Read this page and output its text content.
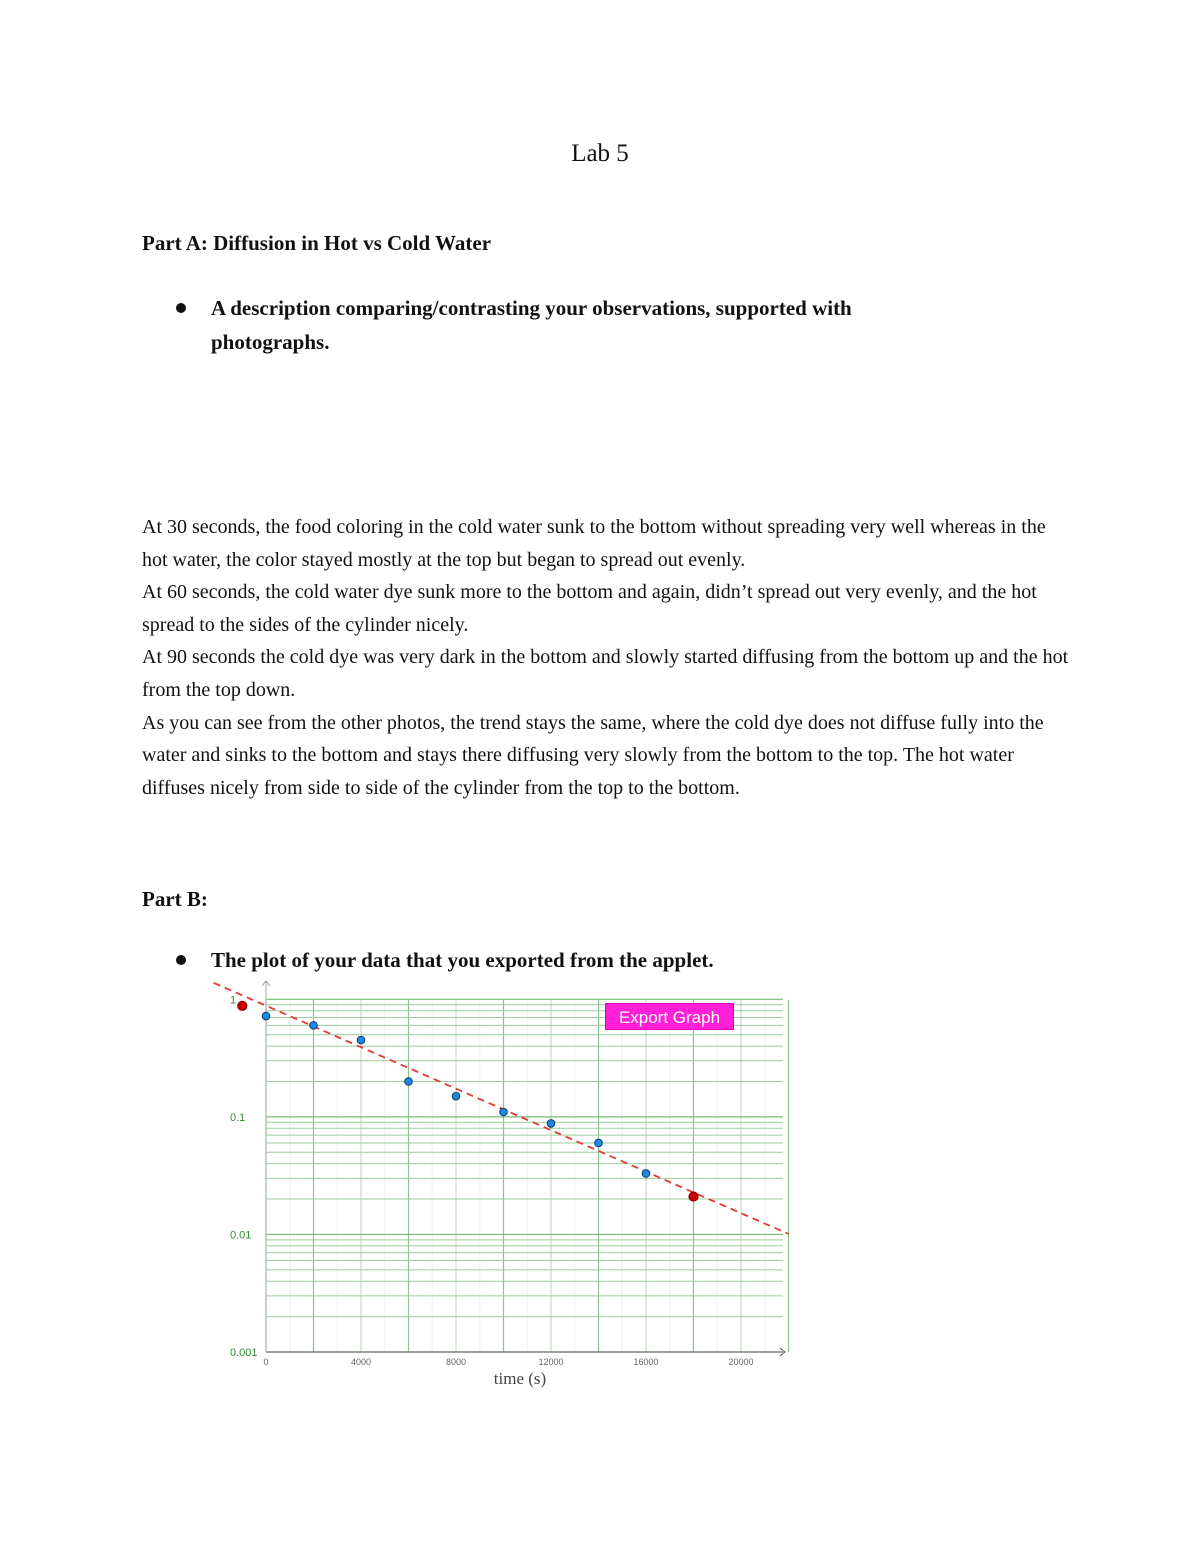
Lab 5
Part A: Diffusion in Hot vs Cold Water
A description comparing/contrasting your observations, supported with photographs.

At 30 seconds, the food coloring in the cold water sunk to the bottom without spreading very well whereas in the hot water, the color stayed mostly at the top but began to spread out evenly.

At 60 seconds, the cold water dye sunk more to the bottom and again, didn’t spread out very evenly, and the hot spread to the sides of the cylinder nicely.

At 90 seconds the cold dye was very dark in the bottom and slowly started diffusing from the bottom up and the hot from the top down.

As you can see from the other photos, the trend stays the same, where the cold dye does not diffuse fully into the water and sinks to the bottom and stays there diffusing very slowly from the bottom to the top. The hot water diffuses nicely from side to side of the cylinder from the top to the bottom.

Part B:
The plot of your data that you exported from the applet.
0.001
0.01
0.1
1
0	4000	8000	12000	16000	20000
Export Graph
time (s)
